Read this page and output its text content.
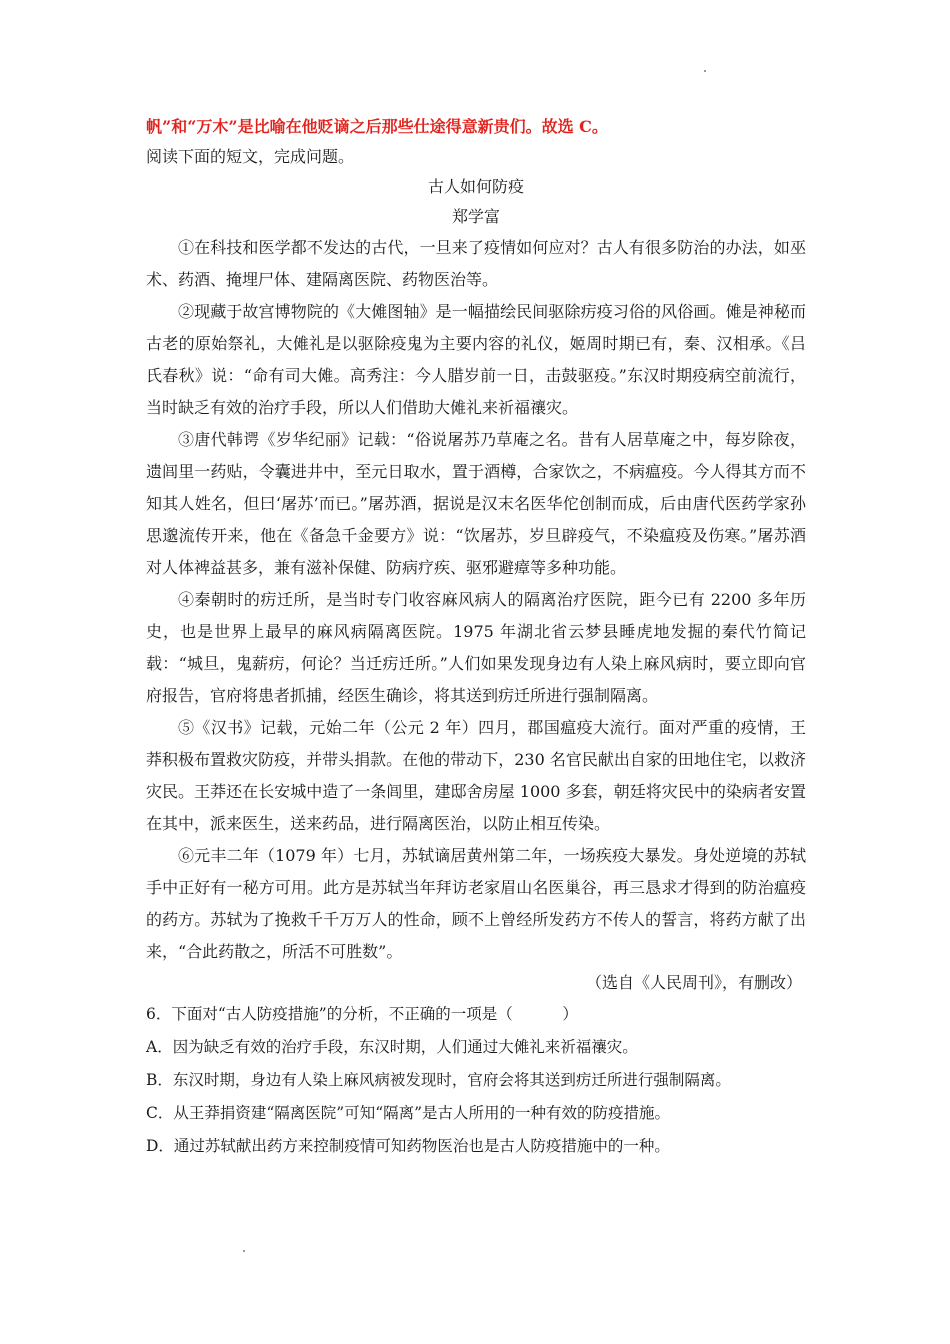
帆”和“万木”是比喻在他贬谪之后那些仕途得意新贵们。故选 C。
阅读下面的短文，完成问题。
古人如何防疫
郑学富

①在科技和医学都不发达的古代，一旦来了疫情如何应对？古人有很多防治的办法，如巫术、药酒、掩埋尸体、建隔离医院、药物医治等。

②现藏于故宫博物院的《大傩图轴》是一幅描绘民间驱除疠疫习俗的风俗画。傩是神秘而古老的原始祭礼，大傩礼是以驱除疫鬼为主要内容的礼仪，姬周时期已有，秦、汉相承。《吕氏春秋》说：“命有司大傩。高秀注：今人腊岁前一日，击鼓驱疫。”东汉时期疫病空前流行，当时缺乏有效的治疗手段，所以人们借助大傩礼来祈福禳灾。

③唐代韩谔《岁华纪丽》记载：“俗说屠苏乃草庵之名。昔有人居草庵之中，每岁除夜，遗闾里一药贴，令囊进井中，至元日取水，置于酒樽，合家饮之，不病瘟疫。今人得其方而不知其人姓名，但曰‘屠苏’而已。”屠苏酒，据说是汉末名医华佗创制而成，后由唐代医药学家孙思邈流传开来，他在《备急千金要方》说：“饮屠苏，岁旦辟疫气，不染瘟疫及伤寒。”屠苏酒对人体裨益甚多，兼有滋补保健、防病疗疾、驱邪避瘴等多种功能。

④秦朝时的疠迁所，是当时专门收容麻风病人的隔离治疗医院，距今已有 2200 多年历史，也是世界上最早的麻风病隔离医院。1975 年湖北省云梦县睡虎地发掘的秦代竹简记载：“城旦，鬼薪疠，何论？当迁疠迁所。”人们如果发现身边有人染上麻风病时，要立即向官府报告，官府将患者抓捕，经医生确诊，将其送到疠迁所进行强制隔离。

⑤《汉书》记载，元始二年（公元 2 年）四月，郡国瘟疫大流行。面对严重的疫情，王莽积极布置救灾防疫，并带头捐款。在他的带动下，230 名官民献出自家的田地住宅，以救济灾民。王莽还在长安城中造了一条闾里，建邸舍房屋 1000 多套，朝廷将灾民中的染病者安置在其中，派来医生，送来药品，进行隔离医治，以防止相互传染。

⑥元丰二年（1079 年）七月，苏轼谪居黄州第二年，一场疾疫大暴发。身处逆境的苏轼手中正好有一秘方可用。此方是苏轼当年拜访老家眉山名医巢谷，再三恳求才得到的防治瘟疫的药方。苏轼为了挽救千千万万人的性命，顾不上曾经所发药方不传人的誓言，将药方献了出来，“合此药散之，所活不可胜数”。

（选自《人民周刊》，有删改）
6．下面对“古人防疫措施”的分析，不正确的一项是（	）
A．因为缺乏有效的治疗手段，东汉时期，人们通过大傩礼来祈福禳灾。
B．东汉时期，身边有人染上麻风病被发现时，官府会将其送到疠迁所进行强制隔离。
C．从王莽捐资建“隔离医院”可知“隔离”是古人所用的一种有效的防疫措施。
D．通过苏轼献出药方来控制疫情可知药物医治也是古人防疫措施中的一种。
